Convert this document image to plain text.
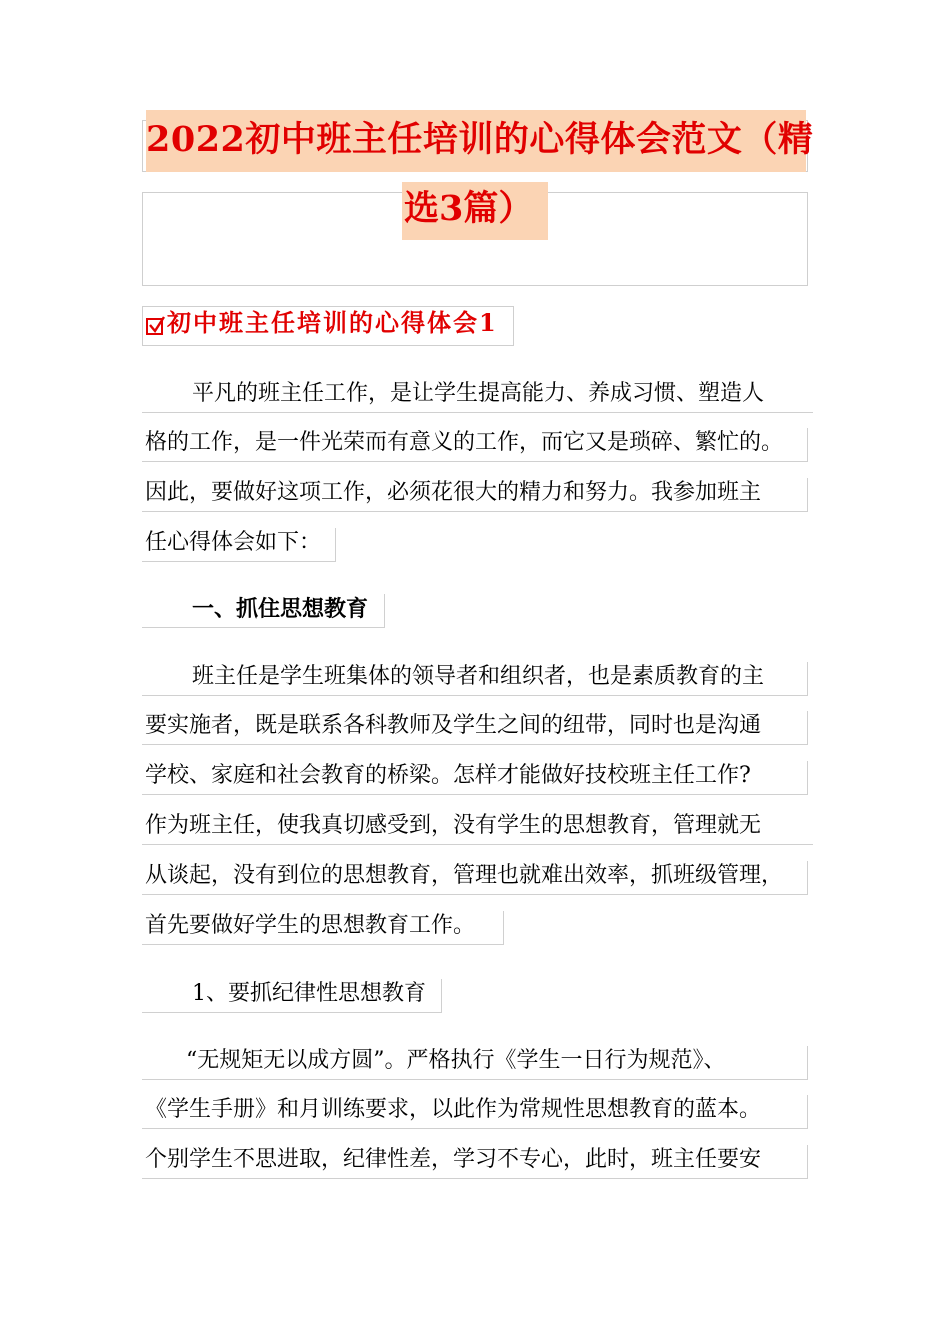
2022初中班主任培训的心得体会范文（精
选3篇）
初中班主任培训的心得体会1
平凡的班主任工作，是让学生提高能力、养成习惯、塑造人
格的工作，是一件光荣而有意义的工作，而它又是琐碎、繁忙的。
因此，要做好这项工作，必须花很大的精力和努力。我参加班主
任心得体会如下：
一、抓住思想教育
班主任是学生班集体的领导者和组织者，也是素质教育的主
要实施者，既是联系各科教师及学生之间的纽带，同时也是沟通
学校、家庭和社会教育的桥梁。怎样才能做好技校班主任工作?
作为班主任，使我真切感受到，没有学生的思想教育，管理就无
从谈起，没有到位的思想教育，管理也就难出效率，抓班级管理，
首先要做好学生的思想教育工作。
1、要抓纪律性思想教育
“无规矩无以成方圆”。严格执行《学生一日行为规范》、
《学生手册》和月训练要求，以此作为常规性思想教育的蓝本。
个别学生不思进取，纪律性差，学习不专心，此时，班主任要安
